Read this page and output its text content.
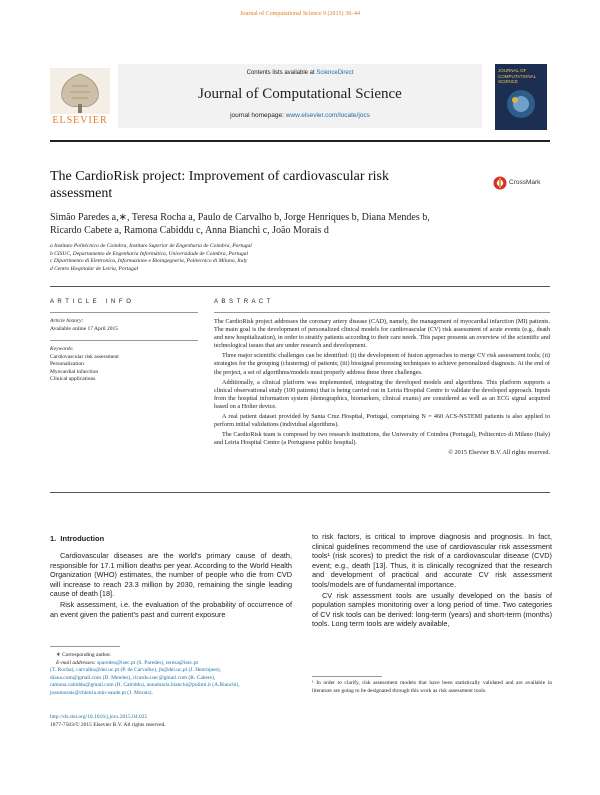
Journal of Computational Science 9 (2015) 39–44
ELSEVIER
Contents lists available at ScienceDirect
Journal of Computational Science
journal homepage: www.elsevier.com/locate/jocs
JOURNAL OF COMPUTATIONAL SCIENCE
The CardioRisk project: Improvement of cardiovascular risk assessment
CrossMark
Simão Paredes a,∗, Teresa Rocha a, Paulo de Carvalho b, Jorge Henriques b, Diana Mendes b,
Ricardo Cabete a, Ramona Cabiddu c, Anna Bianchi c, João Morais d
a Instituto Politécnico de Coimbra, Instituto Superior de Engenharia de Coimbra, Portugal
b CISUC, Departamento de Engenharia Informática, Universidade de Coimbra, Portugal
c Dipartimento di Elettronica, Informazione e Bioingegneria, Politecnico di Milano, Italy
d Centro Hospitalar de Leiria, Portugal
A R T I C L E   I N F O
Article history:
Available online 17 April 2015
Keywords:
Cardiovascular risk assessment
Personalization
Myocardial infarction
Clinical applications
A B S T R A C T

The CardioRisk project addresses the coronary artery disease (CAD), namely, the management of myocardial infarction (MI) patients. The main goal is the development of personalized clinical models for cardiovascular (CV) risk assessment of acute events (e.g., death and new hospitalization), in order to stratify patients according to their care needs. This paper presents an overview of the scientific and technological issues that are under research and development.

Three major scientific challenges can be identified: (i) the development of fusion approaches to merge CV risk assessment tools; (ii) strategies for the grouping (clustering) of patients; (iii) biosignal processing techniques to achieve personalized diagnosis. At the end of the project, a set of algorithms/models must properly address these three challenges.

Additionally, a clinical platform was implemented, integrating the developed models and algorithms. This platform supports a clinical observational study (100 patients) that is being carried out in Leiria Hospital Centre to validate the developed approach. Inputs from the hospital information system (demographics, biomarkers, clinical exams) are considered as well as an ECG signal acquired based on a Holter device.

A real patient dataset provided by Santa Cruz Hospital, Portugal, comprising N = 460 ACS-NSTEMI patients is also applied to perform initial validations (individual algorithms).

The CardioRisk team is composed by two research institutions, the University of Coimbra (Portugal), Politecnico di Milano (Italy) and Leiria Hospital Centre (a Portuguese public hospital).

© 2015 Elsevier B.V. All rights reserved.
1.  Introduction

Cardiovascular diseases are the world's primary cause of death, responsible for 17.1 million deaths per year. According to the World Health Organization (WHO) estimates, the number of people who die from CVD will increase to reach 23.3 million by 2030, remaining the single leading cause of death [18].

Risk assessment, i.e. the evaluation of the probability of occurrence of an event given the patient's past and current exposure

to risk factors, is critical to improve diagnosis and prognosis. In fact, clinical guidelines recommend the use of cardiovascular risk assessment tools¹ (risk scores) to predict the risk of a cardiovascular disease (CVD) event; e.g., death [13]. Thus, it is clinically recognized that the research and development of practical and accurate CV risk assessment tools/models are of fundamental importance.

CV risk assessment tools are usually developed on the basis of population samples monitoring over a long period of time. Two categories of CV risk tools can be derived: long-term (years) and short-term (months) tools. Long term tools are widely available,

∗ Corresponding author.
E-mail addresses: sparedes@isec.pt (S. Paredes), teresa@isec.pt
(T. Rocha), carvalho@dei.uc.pt (P. de Carvalho), jh@dei.uc.pt (J. Henriques),
diana.com@gmail.com (D. Mendes), ricardo.isec@gmail.com (R. Cabete),
ramona.cabiddu@gmail.com (R. Cabiddu), annamaria.bianchi@polimi.it (A.Bianchi),
joaomorais@chleiria.min-saude.pt (J. Morais).
http://dx.doi.org/10.1016/j.jocs.2015.04.025
1877-7503/© 2015 Elsevier B.V. All rights reserved.
¹ In order to clarify, risk assessment models that have been statistically validated and are available in literature are going to be designated through this work as risk assessment tools.
